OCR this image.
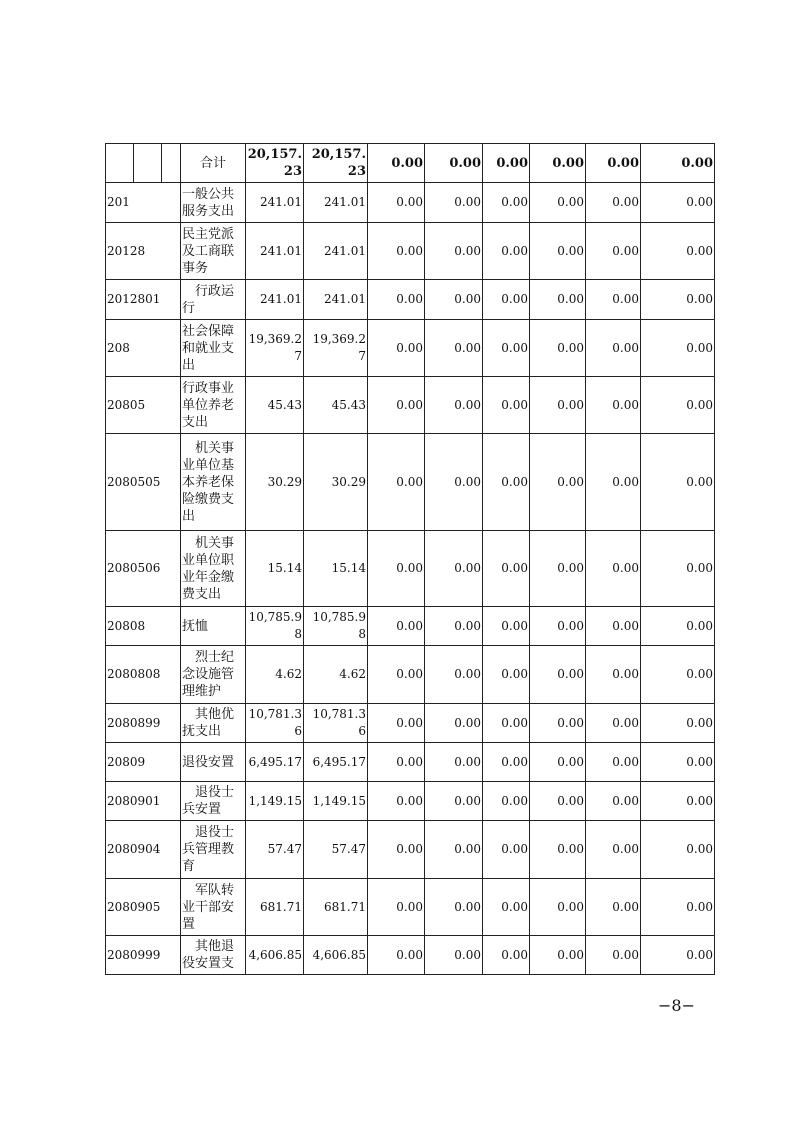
			合计	20,157.23	20,157.23	0.00	0.00	0.00	0.00	0.00	0.00
201			一般公共服务支出	241.01	241.01	0.00	0.00	0.00	0.00	0.00	0.00
20128			民主党派及工商联事务	241.01	241.01	0.00	0.00	0.00	0.00	0.00	0.00
2012801			行政运行	241.01	241.01	0.00	0.00	0.00	0.00	0.00	0.00
208			社会保障和就业支出	19,369.27	19,369.27	0.00	0.00	0.00	0.00	0.00	0.00
20805			行政事业单位养老支出	45.43	45.43	0.00	0.00	0.00	0.00	0.00	0.00
2080505			机关事业单位基本养老保险缴费支出	30.29	30.29	0.00	0.00	0.00	0.00	0.00	0.00
2080506			机关事业单位职业年金缴费支出	15.14	15.14	0.00	0.00	0.00	0.00	0.00	0.00
20808			抚恤	10,785.98	10,785.98	0.00	0.00	0.00	0.00	0.00	0.00
2080808			烈士纪念设施管理维护	4.62	4.62	0.00	0.00	0.00	0.00	0.00	0.00
2080899			其他优抚支出	10,781.36	10,781.36	0.00	0.00	0.00	0.00	0.00	0.00
20809			退役安置	6,495.17	6,495.17	0.00	0.00	0.00	0.00	0.00	0.00
2080901			退役士兵安置	1,149.15	1,149.15	0.00	0.00	0.00	0.00	0.00	0.00
2080904			退役士兵管理教育	57.47	57.47	0.00	0.00	0.00	0.00	0.00	0.00
2080905			军队转业干部安置	681.71	681.71	0.00	0.00	0.00	0.00	0.00	0.00
2080999			其他退役安置支	4,606.85	4,606.85	0.00	0.00	0.00	0.00	0.00	0.00
−8−
